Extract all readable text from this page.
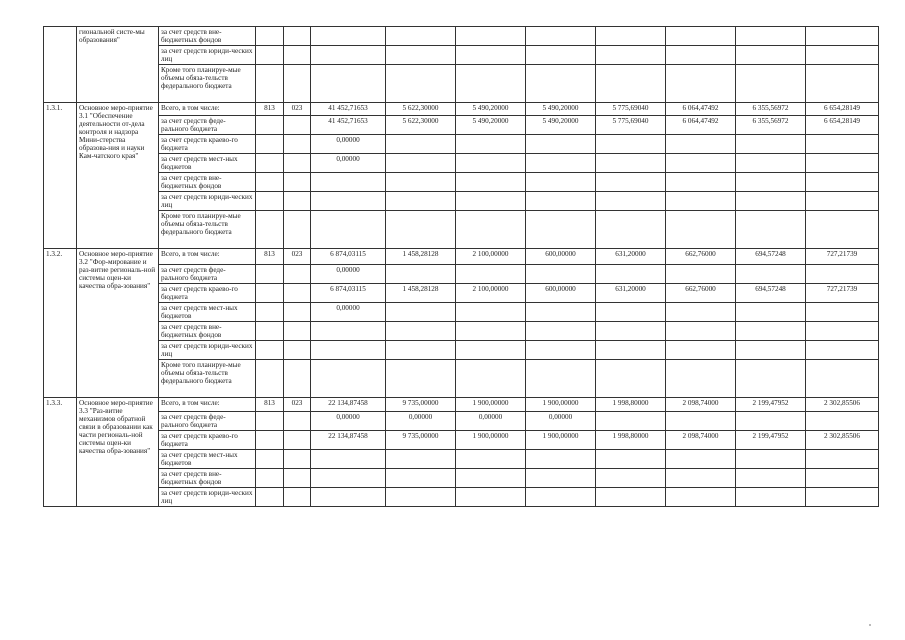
	гиональной систе-мы образования"	за счет средств вне-бюджетных фондов										
		за счет средств юриди-ческих лиц										
		Кроме того планируе-мые объемы обяза-тельств федерального бюджета										
1.3.1.	Основное меро-приятие 3.1 "Обеспечение деятельности от-дела контроля и надзора Мини-стерства образова-ния и науки Кам-чатского края"	Всего, в том числе:	813	023	41 452,71653	5 622,30000	5 490,20000	5 490,20000	5 775,69040	6 064,47492	6 355,56972	6 654,28149
		за счет средств феде-рального бюджета			41 452,71653	5 622,30000	5 490,20000	5 490,20000	5 775,69040	6 064,47492	6 355,56972	6 654,28149
		за счет средств краево-го бюджета			0,00000							
		за счет средств мест-ных бюджетов			0,00000							
		за счет средств вне-бюджетных фондов										
		за счет средств юриди-ческих лиц										
		Кроме того планируе-мые объемы обяза-тельств федерального бюджета										
1.3.2.	Основное меро-приятие 3.2 "Фор-мирование и раз-витие региональ-ной системы оцен-ки качества обра-зования"	Всего, в том числе:	813	023	6 874,03115	1 458,28128	2 100,00000	600,00000	631,20000	662,76000	694,57248	727,21739
		за счет средств феде-рального бюджета			0,00000							
		за счет средств краево-го бюджета			6 874,03115	1 458,28128	2 100,00000	600,00000	631,20000	662,76000	694,57248	727,21739
		за счет средств мест-ных бюджетов			0,00000							
		за счет средств вне-бюджетных фондов										
		за счет средств юриди-ческих лиц										
		Кроме того планируе-мые объемы обяза-тельств федерального бюджета										
1.3.3.	Основное меро-приятие 3.3 "Раз-витие механизмов обратной связи в образовании как части региональ-ной системы оцен-ки качества обра-зования"	Всего, в том числе:	813	023	22 134,87458	9 735,00000	1 900,00000	1 900,00000	1 998,80000	2 098,74000	2 199,47952	2 302,85506
		за счет средств феде-рального бюджета			0,00000	0,00000	0,00000	0,00000				
		за счет средств краево-го бюджета			22 134,87458	9 735,00000	1 900,00000	1 900,00000	1 998,80000	2 098,74000	2 199,47952	2 302,85506
		за счет средств мест-ных бюджетов										
		за счет средств вне-бюджетных фондов										
		за счет средств юриди-ческих лиц										
